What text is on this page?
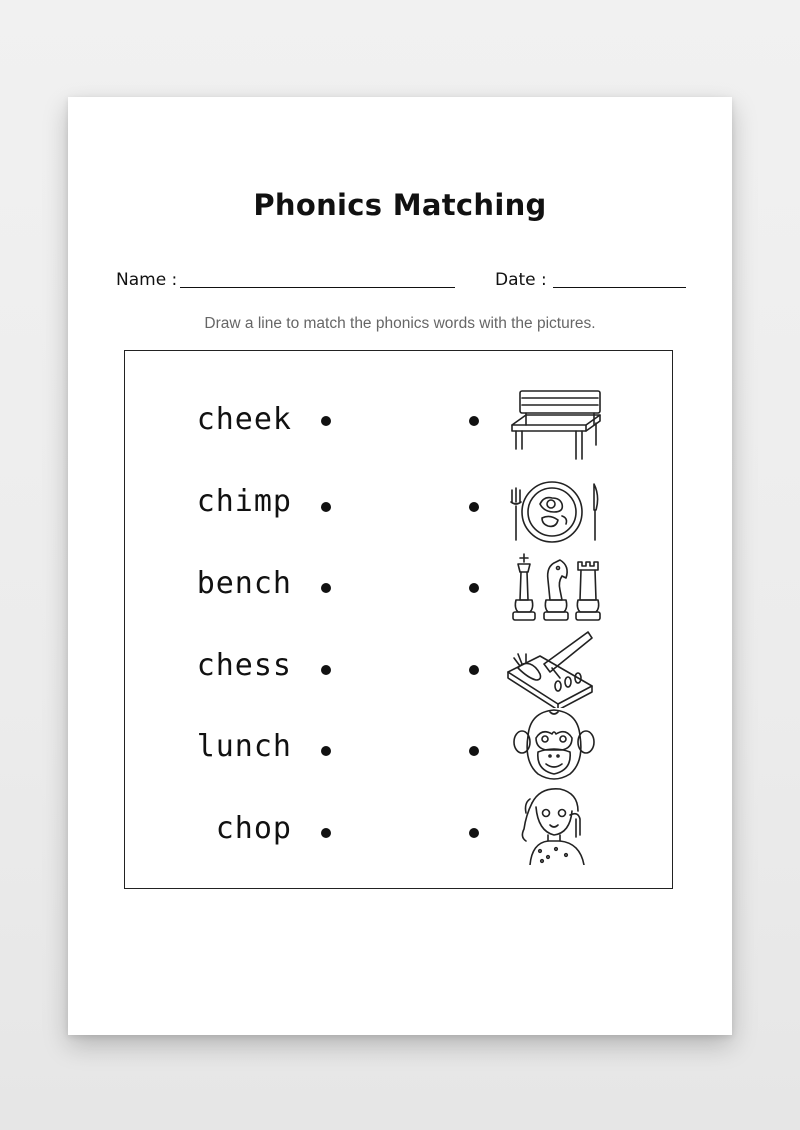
Phonics Matching
Name :	Date :
Draw a line to match the phonics words with the pictures.
cheek
chimp
bench
chess
lunch
chop
